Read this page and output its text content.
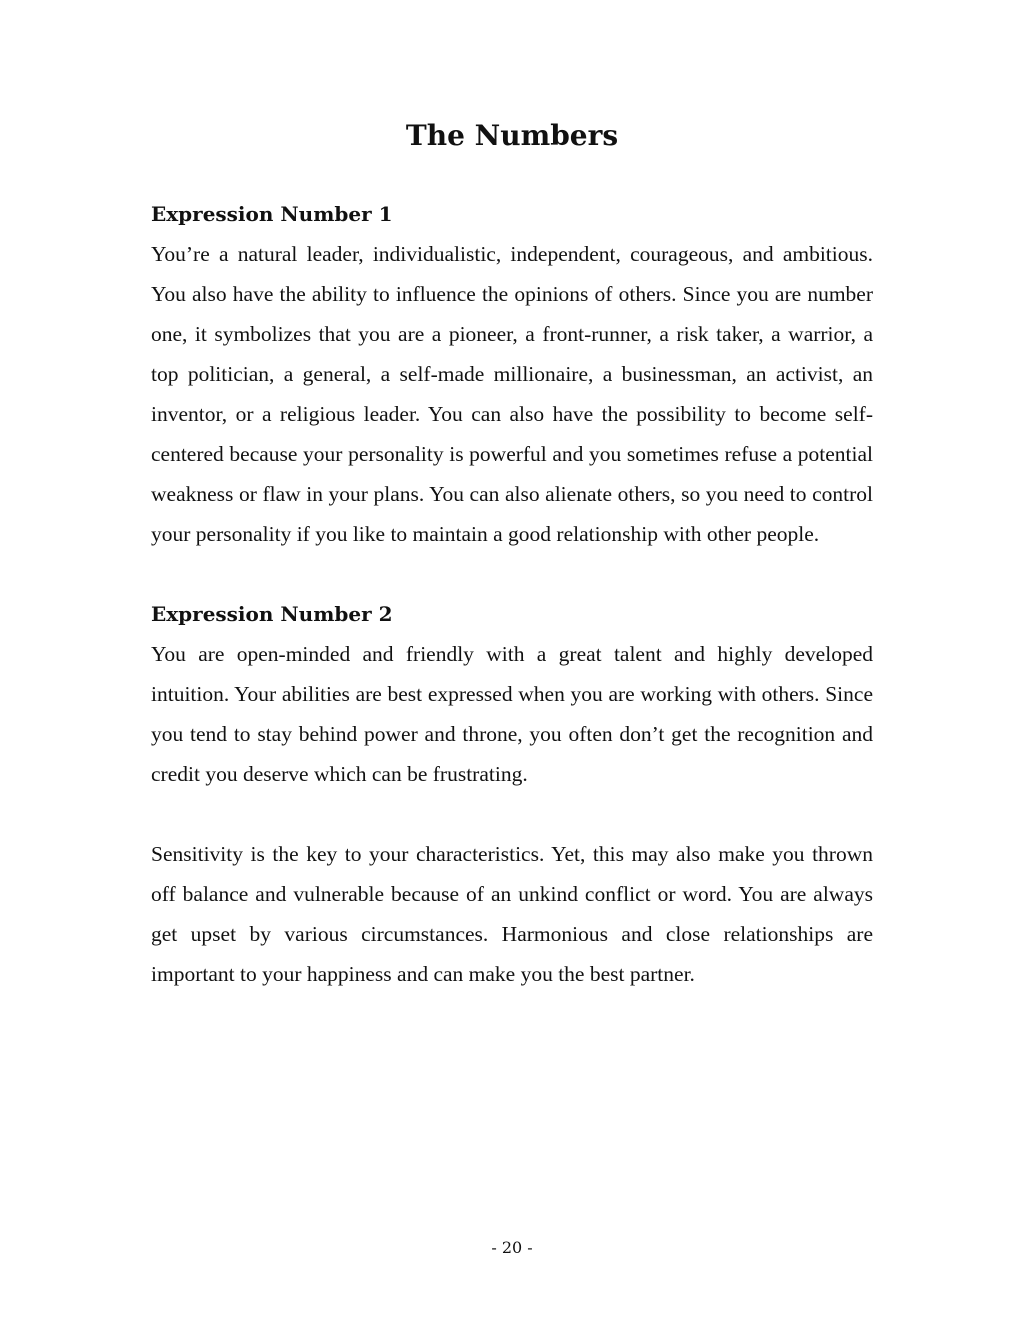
The Numbers
Expression Number 1

You’re a natural leader, individualistic, independent, courageous, and ambitious. You also have the ability to influence the opinions of others. Since you are number one, it symbolizes that you are a pioneer, a front-runner, a risk taker, a warrior, a top politician, a general, a self-made millionaire, a businessman, an activist, an inventor, or a religious leader. You can also have the possibility to become self-centered because your personality is powerful and you sometimes refuse a potential weakness or flaw in your plans. You can also alienate others, so you need to control your personality if you like to maintain a good relationship with other people.

Expression Number 2

You are open-minded and friendly with a great talent and highly developed intuition. Your abilities are best expressed when you are working with others. Since you tend to stay behind power and throne, you often don’t get the recognition and credit you deserve which can be frustrating.

Sensitivity is the key to your characteristics. Yet, this may also make you thrown off balance and vulnerable because of an unkind conflict or word. You are always get upset by various circumstances. Harmonious and close relationships are important to your happiness and can make you the best partner.

- 20 -
